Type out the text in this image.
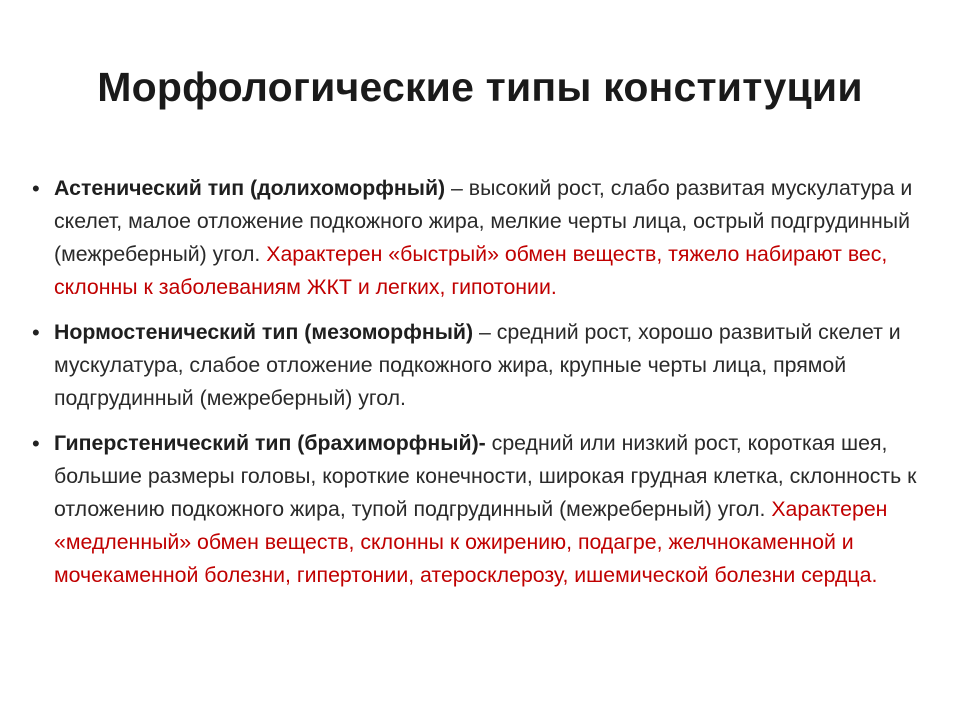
Морфологические типы конституции
• Астенический тип (долихоморфный) – высокий рост, слабо развитая мускулатура и скелет, малое отложение подкожного жира, мелкие черты лица, острый подгрудинный (межреберный) угол. Характерен «быстрый» обмен веществ, тяжело набирают вес, склонны к заболеваниям ЖКТ и легких, гипотонии.
• Нормостенический тип (мезоморфный) – средний рост, хорошо развитый скелет и мускулатура, слабое отложение подкожного жира, крупные черты лица, прямой подгрудинный (межреберный) угол.
• Гиперстенический тип (брахиморфный)- средний или низкий рост, короткая шея, большие размеры головы, короткие конечности, широкая грудная клетка, склонность к отложению подкожного жира, тупой подгрудинный (межреберный) угол. Характерен «медленный» обмен веществ, склонны к ожирению, подагре, желчнокаменной и мочекаменной болезни, гипертонии, атеросклерозу, ишемической болезни сердца.
